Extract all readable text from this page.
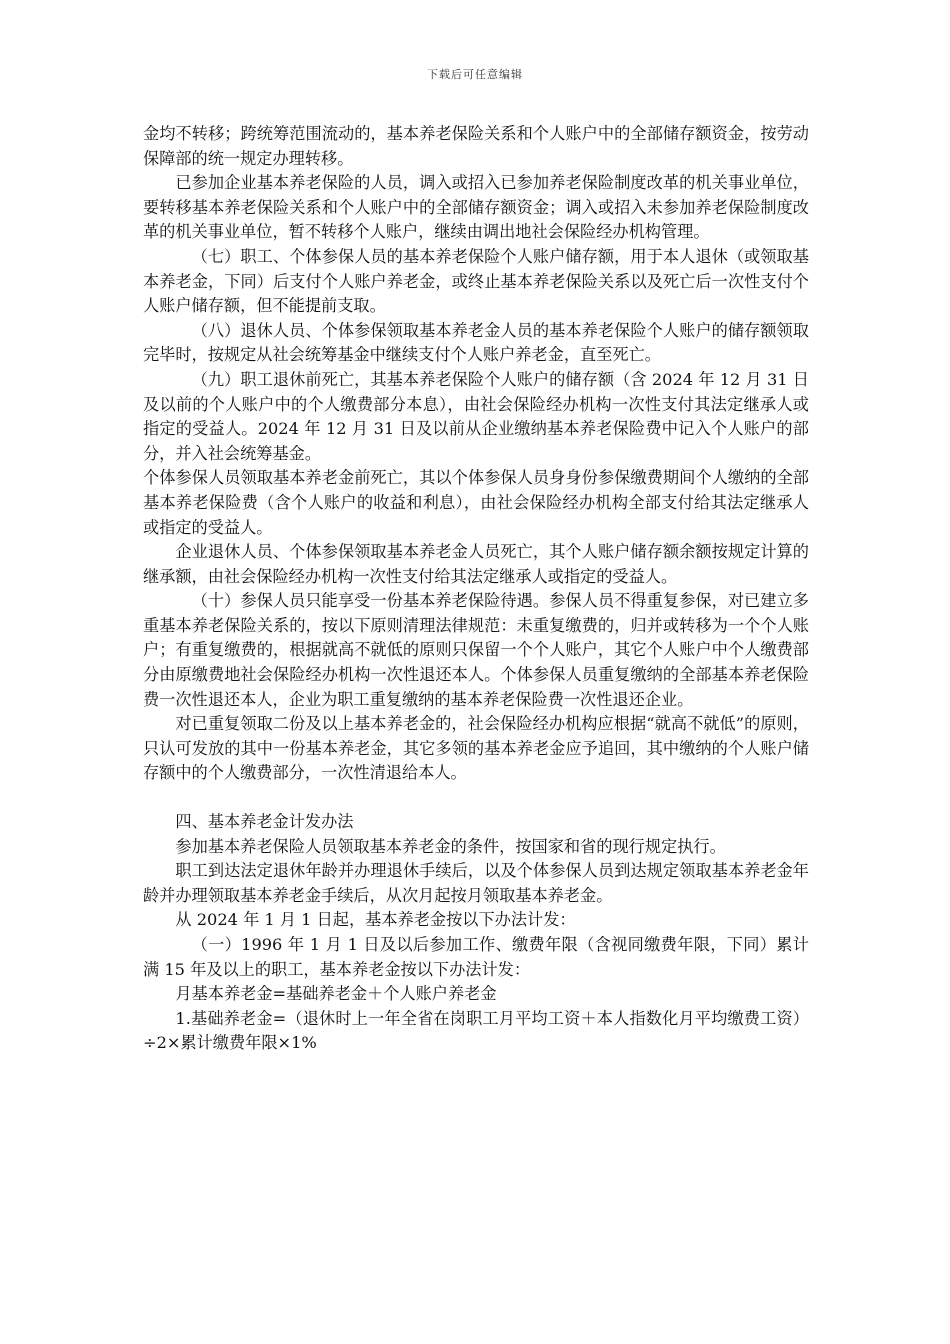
下载后可任意编辑

金均不转移；跨统筹范围流动的，基本养老保险关系和个人账户中的全部储存额资金，按劳动保障部的统一规定办理转移。

已参加企业基本养老保险的人员，调入或招入已参加养老保险制度改革的机关事业单位，要转移基本养老保险关系和个人账户中的全部储存额资金；调入或招入未参加养老保险制度改革的机关事业单位，暂不转移个人账户，继续由调出地社会保险经办机构管理。

（七）职工、个体参保人员的基本养老保险个人账户储存额，用于本人退休（或领取基本养老金，下同）后支付个人账户养老金，或终止基本养老保险关系以及死亡后一次性支付个人账户储存额，但不能提前支取。

（八）退休人员、个体参保领取基本养老金人员的基本养老保险个人账户的储存额领取完毕时，按规定从社会统筹基金中继续支付个人账户养老金，直至死亡。

（九）职工退休前死亡，其基本养老保险个人账户的储存额（含 2024 年 12 月 31 日及以前的个人账户中的个人缴费部分本息），由社会保险经办机构一次性支付其法定继承人或指定的受益人。2024 年 12 月 31 日及以前从企业缴纳基本养老保险费中记入个人账户的部分，并入社会统筹基金。

个体参保人员领取基本养老金前死亡，其以个体参保人员身身份参保缴费期间个人缴纳的全部基本养老保险费（含个人账户的收益和利息），由社会保险经办机构全部支付给其法定继承人或指定的受益人。

企业退休人员、个体参保领取基本养老金人员死亡，其个人账户储存额余额按规定计算的继承额，由社会保险经办机构一次性支付给其法定继承人或指定的受益人。

（十）参保人员只能享受一份基本养老保险待遇。参保人员不得重复参保，对已建立多重基本养老保险关系的，按以下原则清理法律规范：未重复缴费的，归并或转移为一个个人账户；有重复缴费的，根据就高不就低的原则只保留一个个人账户，其它个人账户中个人缴费部分由原缴费地社会保险经办机构一次性退还本人。个体参保人员重复缴纳的全部基本养老保险费一次性退还本人，企业为职工重复缴纳的基本养老保险费一次性退还企业。

对已重复领取二份及以上基本养老金的，社会保险经办机构应根据“就高不就低”的原则，只认可发放的其中一份基本养老金，其它多领的基本养老金应予追回，其中缴纳的个人账户储存额中的个人缴费部分，一次性清退给本人。

四、基本养老金计发办法

参加基本养老保险人员领取基本养老金的条件，按国家和省的现行规定执行。

职工到达法定退休年龄并办理退休手续后，以及个体参保人员到达规定领取基本养老金年龄并办理领取基本养老金手续后，从次月起按月领取基本养老金。

从 2024 年 1 月 1 日起，基本养老金按以下办法计发：

（一）1996 年 1 月 1 日及以后参加工作、缴费年限（含视同缴费年限，下同）累计满 15 年及以上的职工，基本养老金按以下办法计发：

月基本养老金=基础养老金＋个人账户养老金

1.基础养老金=（退休时上一年全省在岗职工月平均工资＋本人指数化月平均缴费工资）÷2×累计缴费年限×1%
